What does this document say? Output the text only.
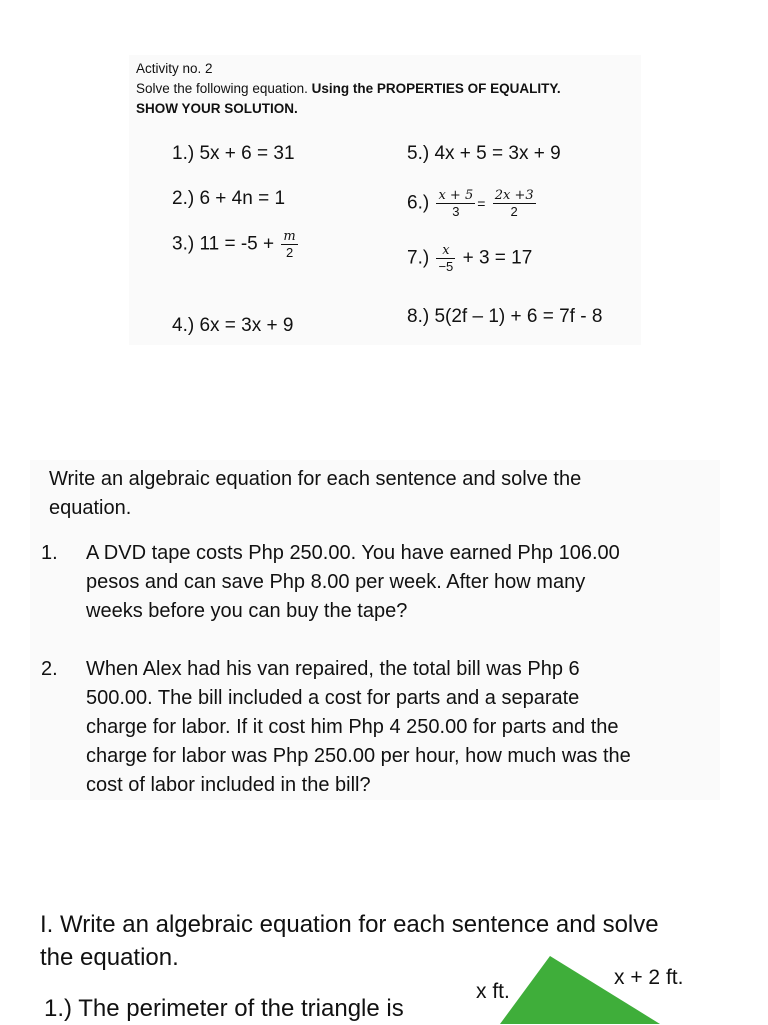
Activity no. 2
Solve the following equation. Using the PROPERTIES OF EQUALITY.
SHOW YOUR SOLUTION.
1.) 5x + 6 = 31
2.) 6 + 4n = 1
3.) $11 = -5 + \frac{m}{2}$
4.) 6x = 3x + 9
5.) 4x + 5 = 3x + 9
$6.) \frac{x + 5}{3} = \frac{2x +3}{2}$
$7.) \frac{x}{-5} + 3 = 17$
8.) 5(2f – 1) + 6 = 7f - 8
Write an algebraic equation for each sentence and solve the
equation.
1. A DVD tape costs Php 250.00. You have earned Php 106.00
pesos and can save Php 8.00 per week. After how many
weeks before you can buy the tape?
2. When Alex had his van repaired, the total bill was Php 6
500.00. The bill included a cost for parts and a separate
charge for labor. If it cost him Php 4 250.00 for parts and the
charge for labor was Php 250.00 per hour, how much was the
cost of labor included in the bill?
I. Write an algebraic equation for each sentence and solve
the equation.
x ft.
x + 2 ft.
1.) The perimeter of the triangle is
